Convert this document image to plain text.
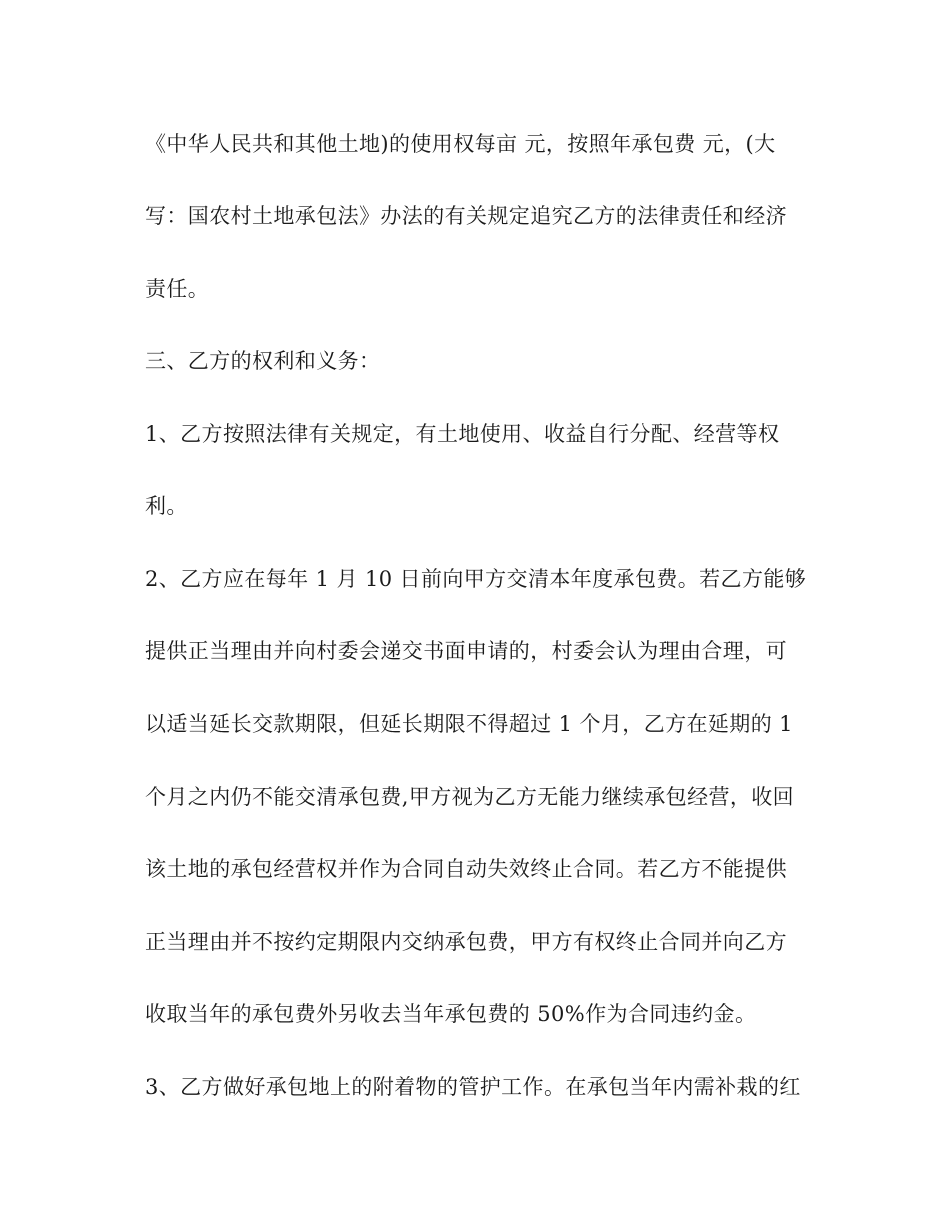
《中华人民共和其他土地)的使用权每亩 元，按照年承包费 元，(大
写：国农村土地承包法》办法的有关规定追究乙方的法律责任和经济
责任。
三、乙方的权利和义务：
1、乙方按照法律有关规定，有土地使用、收益自行分配、经营等权
利。
2、乙方应在每年 1 月 10 日前向甲方交清本年度承包费。若乙方能够
提供正当理由并向村委会递交书面申请的，村委会认为理由合理，可
以适当延长交款期限，但延长期限不得超过 1 个月，乙方在延期的 1
个月之内仍不能交清承包费,甲方视为乙方无能力继续承包经营，收回
该土地的承包经营权并作为合同自动失效终止合同。若乙方不能提供
正当理由并不按约定期限内交纳承包费，甲方有权终止合同并向乙方
收取当年的承包费外另收去当年承包费的 50%作为合同违约金。
3、乙方做好承包地上的附着物的管护工作。在承包当年内需补栽的红
